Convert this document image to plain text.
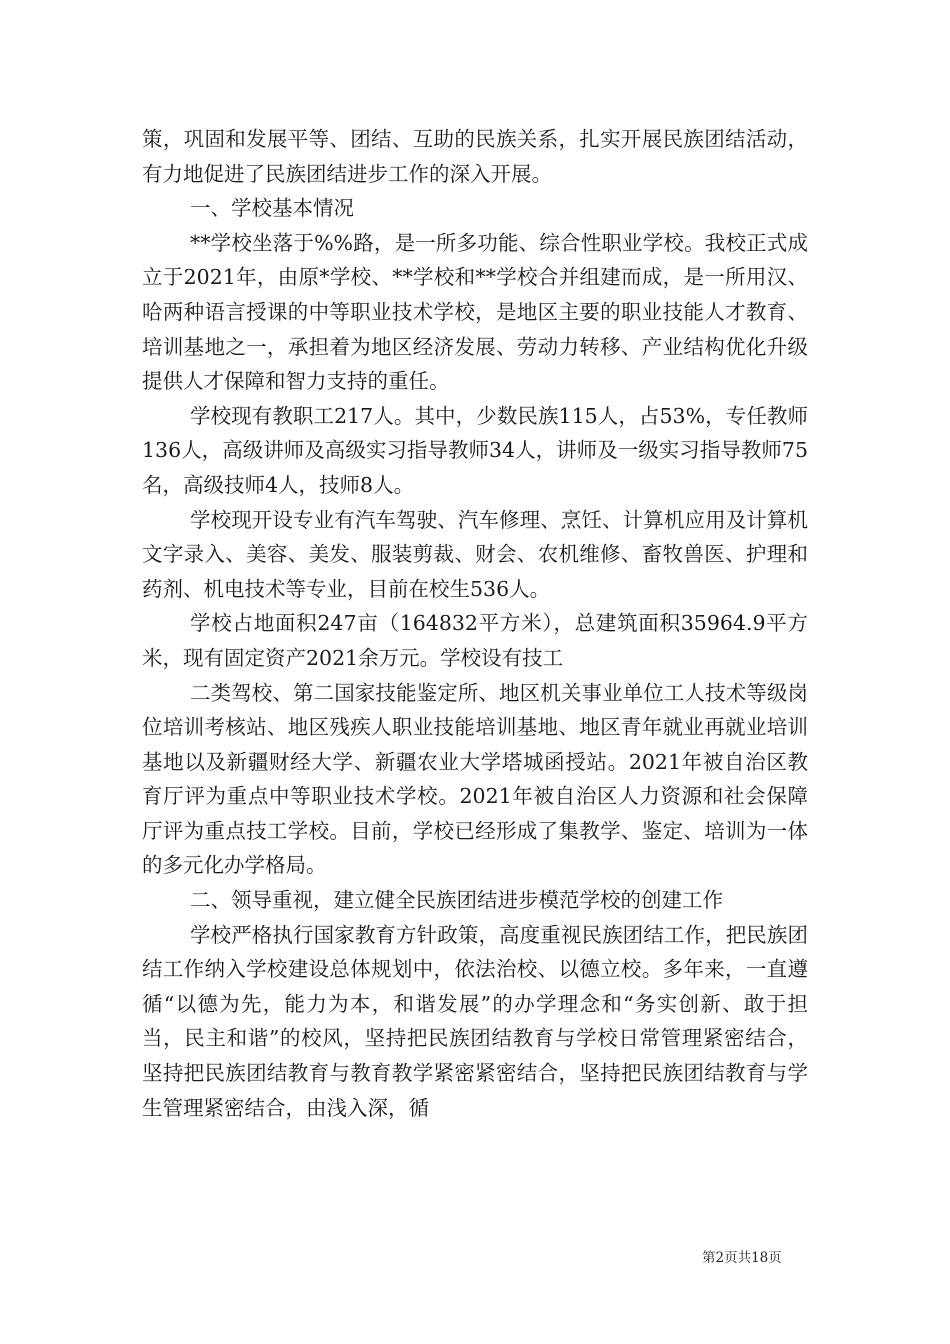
策，巩固和发展平等、团结、互助的民族关系，扎实开展民族团结活动，有力地促进了民族团结进步工作的深入开展。

一、学校基本情况

**学校坐落于%%路，是一所多功能、综合性职业学校。我校正式成立于2021年，由原*学校、**学校和**学校合并组建而成，是一所用汉、哈两种语言授课的中等职业技术学校，是地区主要的职业技能人才教育、培训基地之一，承担着为地区经济发展、劳动力转移、产业结构优化升级提供人才保障和智力支持的重任。

学校现有教职工217人。其中，少数民族115人，占53%，专任教师136人，高级讲师及高级实习指导教师34人，讲师及一级实习指导教师75名，高级技师4人，技师8人。

学校现开设专业有汽车驾驶、汽车修理、烹饪、计算机应用及计算机文字录入、美容、美发、服装剪裁、财会、农机维修、畜牧兽医、护理和药剂、机电技术等专业，目前在校生536人。

学校占地面积247亩（164832平方米），总建筑面积35964.9平方米，现有固定资产2021余万元。学校设有技工

二类驾校、第二国家技能鉴定所、地区机关事业单位工人技术等级岗位培训考核站、地区残疾人职业技能培训基地、地区青年就业再就业培训基地以及新疆财经大学、新疆农业大学塔城函授站。2021年被自治区教育厅评为重点中等职业技术学校。2021年被自治区人力资源和社会保障厅评为重点技工学校。目前，学校已经形成了集教学、鉴定、培训为一体的多元化办学格局。

二、领导重视，建立健全民族团结进步模范学校的创建工作

学校严格执行国家教育方针政策，高度重视民族团结工作，把民族团结工作纳入学校建设总体规划中，依法治校、以德立校。多年来，一直遵循“以德为先，能力为本，和谐发展”的办学理念和“务实创新、敢于担当，民主和谐”的校风，坚持把民族团结教育与学校日常管理紧密结合，坚持把民族团结教育与教育教学紧密紧密结合，坚持把民族团结教育与学生管理紧密结合，由浅入深，循

第2页共18页
